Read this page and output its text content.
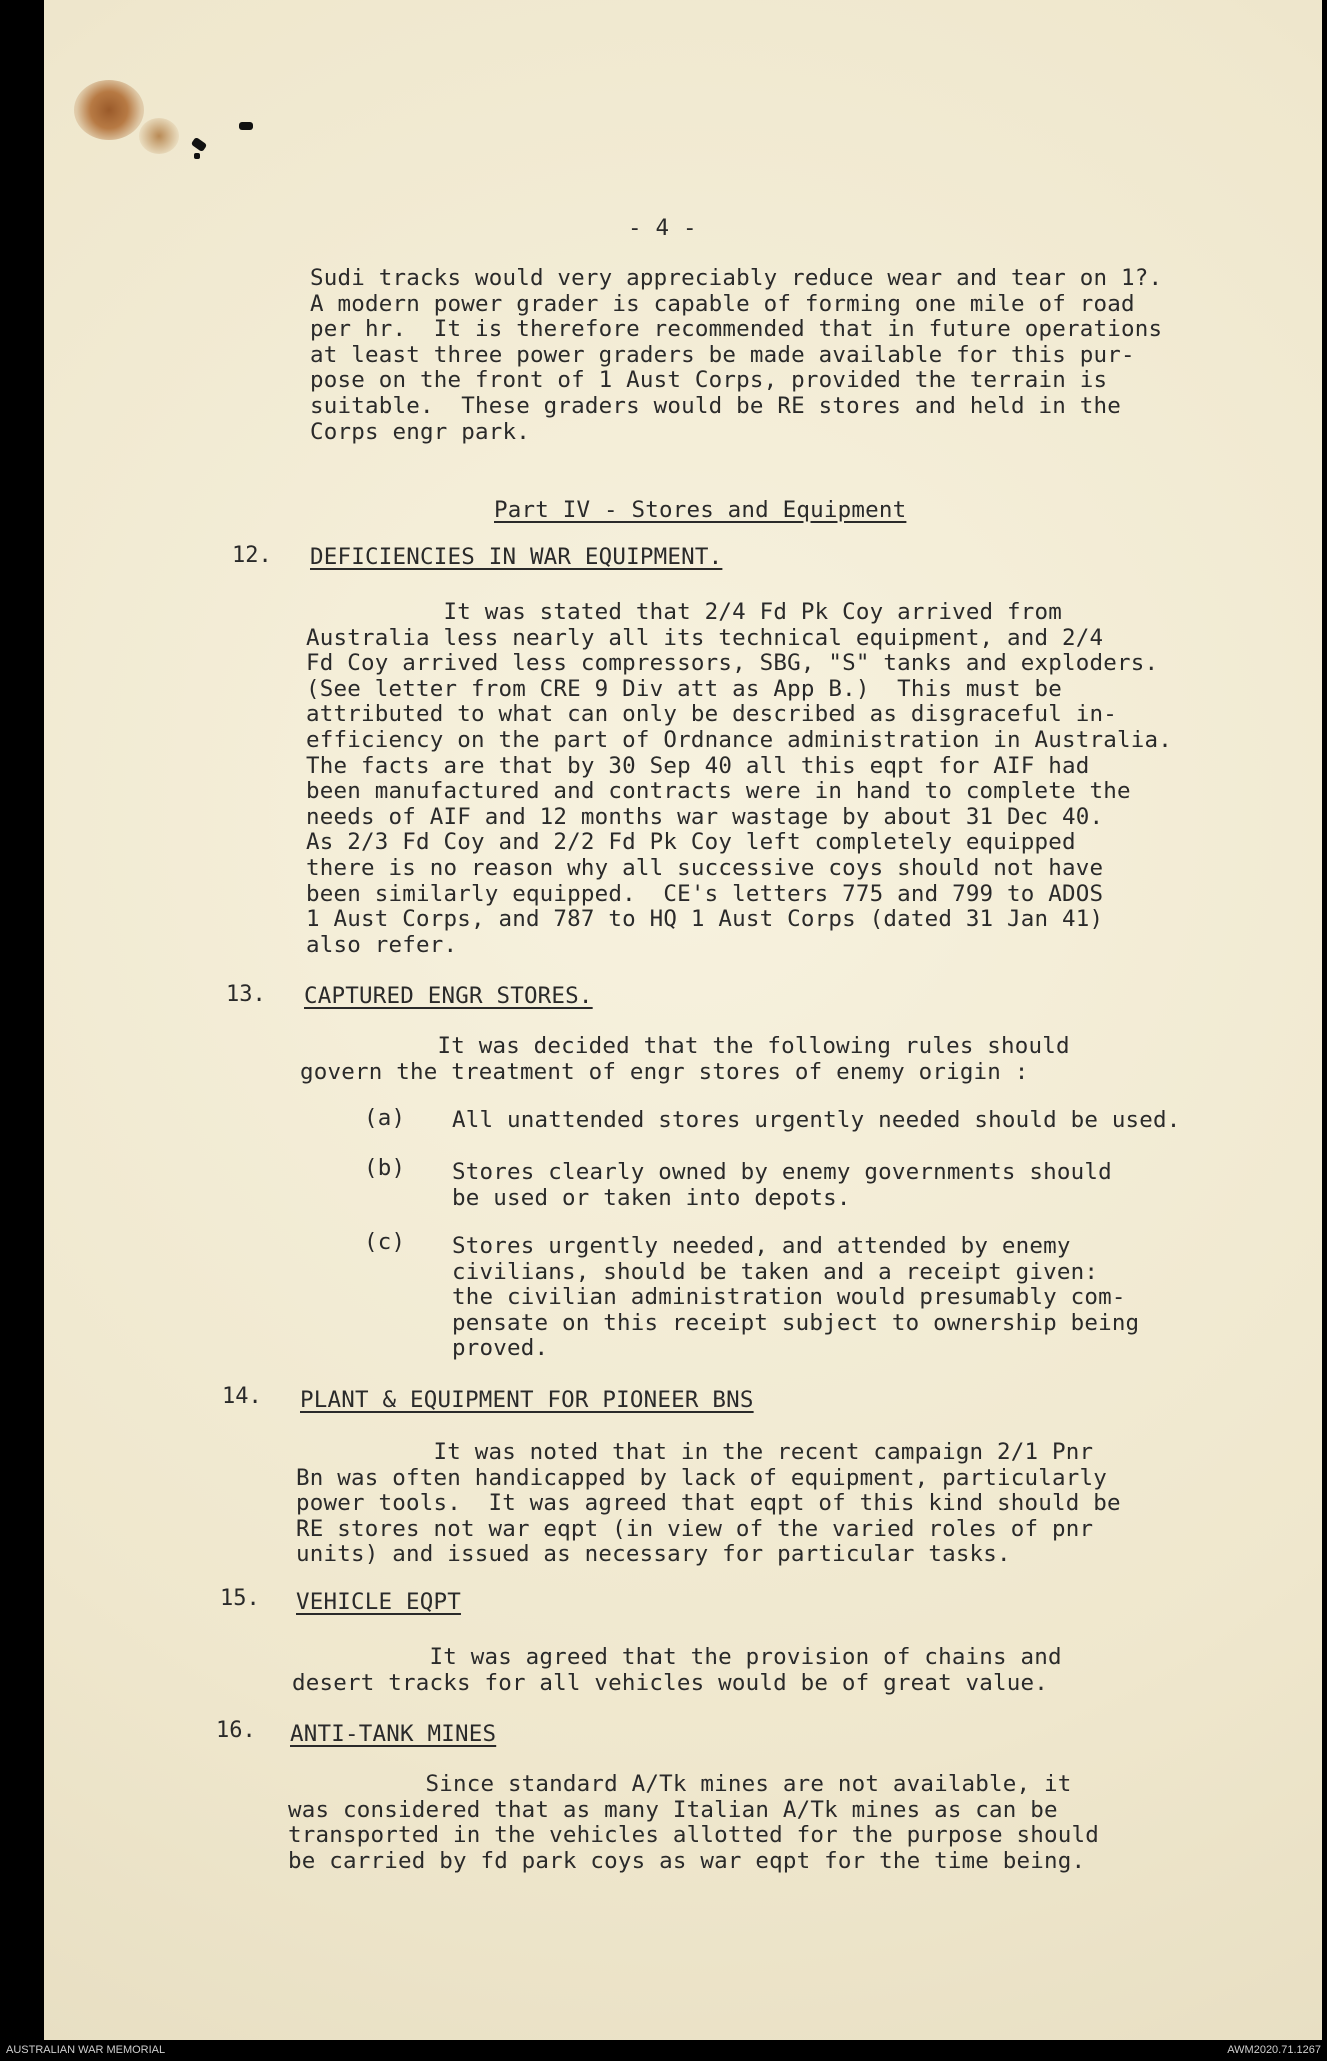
- 4 -
Sudi tracks would very appreciably reduce wear and tear on 1?.
A modern power grader is capable of forming one mile of road
per hr.  It is therefore recommended that in future operations
at least three power graders be made available for this pur-
pose on the front of 1 Aust Corps, provided the terrain is
suitable.  These graders would be RE stores and held in the
Corps engr park.
Part IV - Stores and Equipment
12. DEFICIENCIES IN WAR EQUIPMENT.
It was stated that 2/4 Fd Pk Coy arrived from
Australia less nearly all its technical equipment, and 2/4
Fd Coy arrived less compressors, SBG, "S" tanks and exploders.
(See letter from CRE 9 Div att as App B.)  This must be
attributed to what can only be described as disgraceful in-
efficiency on the part of Ordnance administration in Australia.
The facts are that by 30 Sep 40 all this eqpt for AIF had
been manufactured and contracts were in hand to complete the
needs of AIF and 12 months war wastage by about 31 Dec 40.
As 2/3 Fd Coy and 2/2 Fd Pk Coy left completely equipped
there is no reason why all successive coys should not have
been similarly equipped.  CE's letters 775 and 799 to ADOS
1 Aust Corps, and 787 to HQ 1 Aust Corps (dated 31 Jan 41)
also refer.
13. CAPTURED ENGR STORES.
It was decided that the following rules should
govern the treatment of engr stores of enemy origin :
(a) All unattended stores urgently needed should be used.
(b) Stores clearly owned by enemy governments should
be used or taken into depots.
(c) Stores urgently needed, and attended by enemy
civilians, should be taken and a receipt given:
the civilian administration would presumably com-
pensate on this receipt subject to ownership being
proved.
14. PLANT & EQUIPMENT FOR PIONEER BNS
It was noted that in the recent campaign 2/1 Pnr
Bn was often handicapped by lack of equipment, particularly
power tools.  It was agreed that eqpt of this kind should be
RE stores not war eqpt (in view of the varied roles of pnr
units) and issued as necessary for particular tasks.
15. VEHICLE EQPT
It was agreed that the provision of chains and
desert tracks for all vehicles would be of great value.
16. ANTI-TANK MINES
Since standard A/Tk mines are not available, it
was considered that as many Italian A/Tk mines as can be
transported in the vehicles allotted for the purpose should
be carried by fd park coys as war eqpt for the time being.
AUSTRALIAN WAR MEMORIAL	AWM2020.71.1267
